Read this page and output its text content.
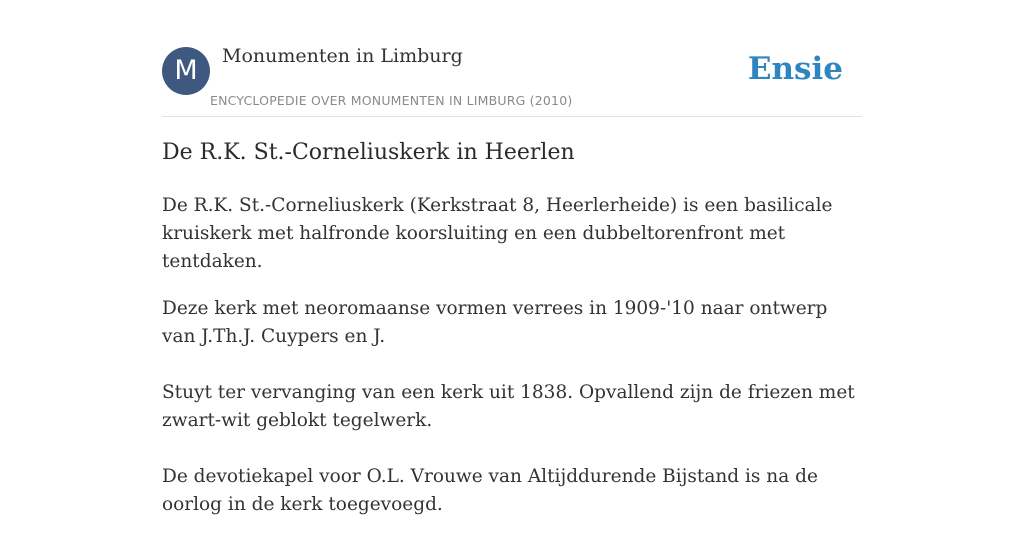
M	Monumenten in Limburg
ENCYCLOPEDIE OVER MONUMENTEN IN LIMBURG (2010)
Ensie
De R.K. St.-Corneliuskerk in Heerlen

De R.K. St.-Corneliuskerk (Kerkstraat 8, Heerlerheide) is een basilicale kruiskerk met halfronde koorsluiting en een dubbeltorenfront met tentdaken.

Deze kerk met neoromaanse vormen verrees in 1909-'10 naar ontwerp van J.Th.J. Cuypers en J.

Stuyt ter vervanging van een kerk uit 1838. Opvallend zijn de friezen met zwart-wit geblokt tegelwerk.

De devotiekapel voor O.L. Vrouwe van Altijddurende Bijstand is na de oorlog in de kerk toegevoegd.
